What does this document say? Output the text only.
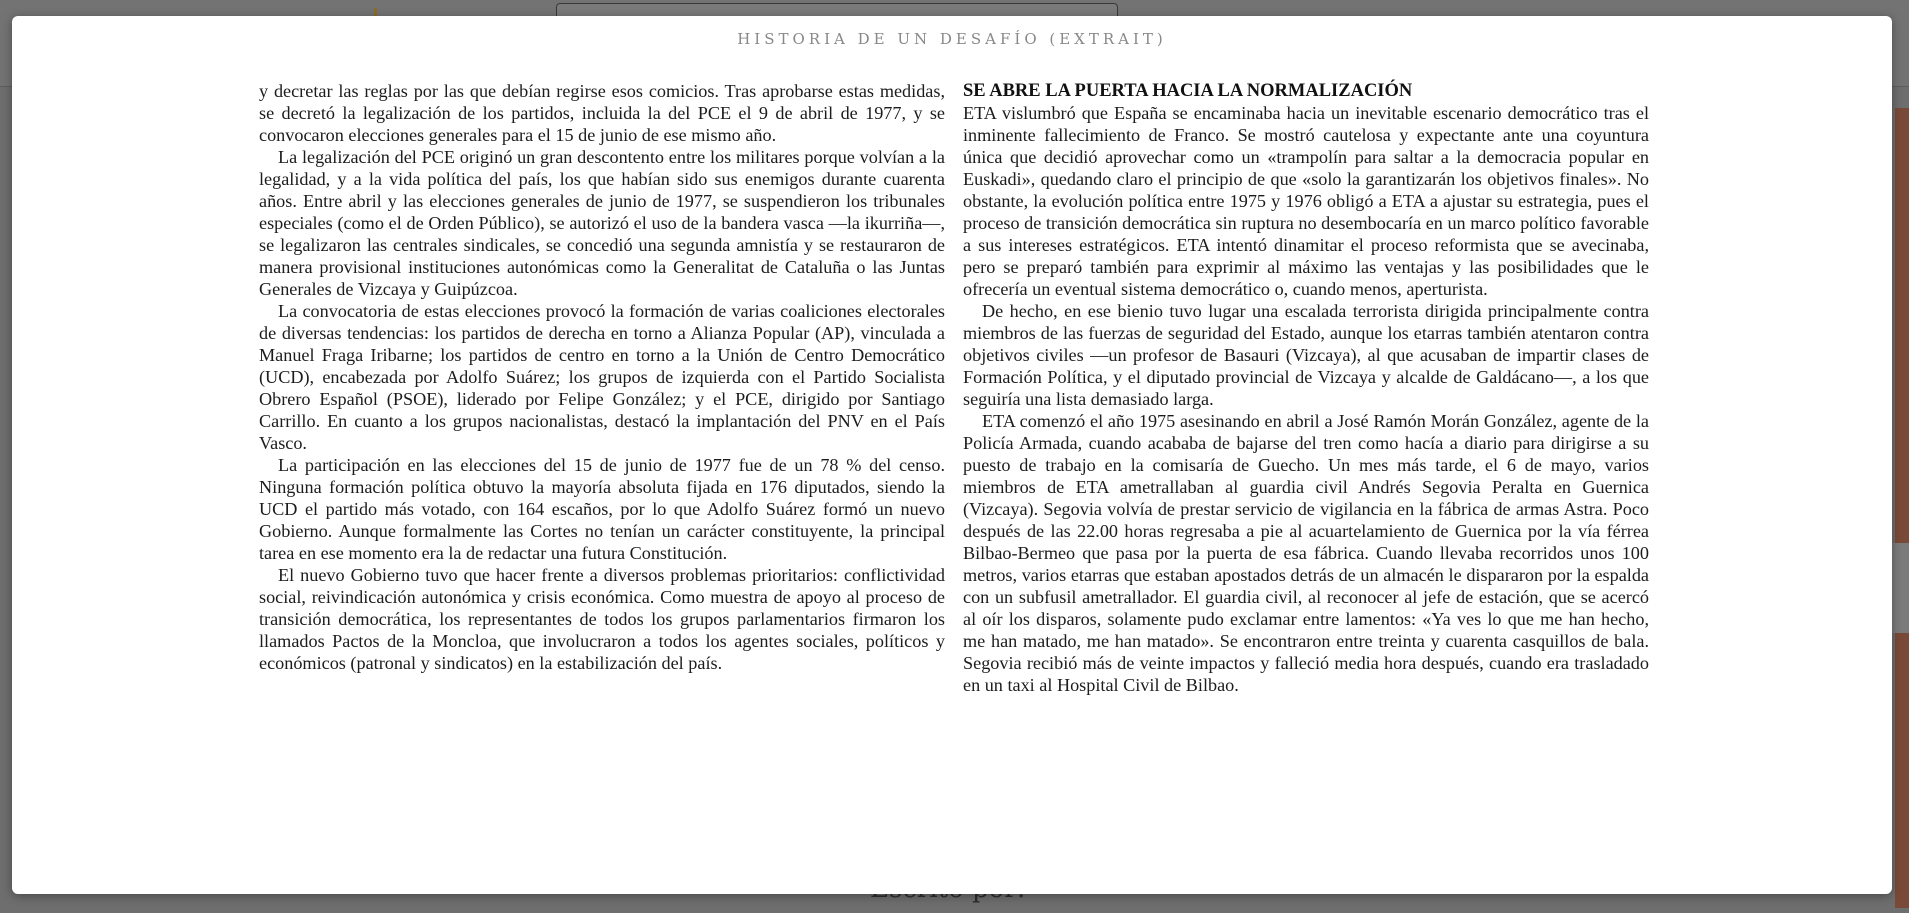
HISTORIA DE UN DESAFÍO (EXTRAIT)

y decretar las reglas por las que debían regirse esos comicios. Tras aprobarse estas medidas, se decretó la legalización de los partidos, incluida la del PCE el 9 de abril de 1977, y se convocaron elecciones generales para el 15 de junio de ese mismo año.

La legalización del PCE originó un gran descontento entre los militares porque volvían a la legalidad, y a la vida política del país, los que habían sido sus enemigos durante cuarenta años. Entre abril y las elecciones generales de junio de 1977, se suspendieron los tribunales especiales (como el de Orden Público), se autorizó el uso de la bandera vasca —la ikurriña—, se legalizaron las centrales sindicales, se concedió una segunda amnistía y se restauraron de manera provisional instituciones autonómicas como la Generalitat de Cataluña o las Juntas Generales de Vizcaya y Guipúzcoa.

La convocatoria de estas elecciones provocó la formación de varias coaliciones electorales de diversas tendencias: los partidos de derecha en torno a Alianza Popular (AP), vinculada a Manuel Fraga Iribarne; los partidos de centro en torno a la Unión de Centro Democrático (UCD), encabezada por Adolfo Suárez; los grupos de izquierda con el Partido Socialista Obrero Español (PSOE), liderado por Felipe González; y el PCE, dirigido por Santiago Carrillo. En cuanto a los grupos nacionalistas, destacó la implantación del PNV en el País Vasco.

La participación en las elecciones del 15 de junio de 1977 fue de un 78 % del censo. Ninguna formación política obtuvo la mayoría absoluta fijada en 176 diputados, siendo la UCD el partido más votado, con 164 escaños, por lo que Adolfo Suárez formó un nuevo Gobierno. Aunque formalmente las Cortes no tenían un carácter constituyente, la principal tarea en ese momento era la de redactar una futura Constitución.

El nuevo Gobierno tuvo que hacer frente a diversos problemas prioritarios: conflictividad social, reivindicación autonómica y crisis económica. Como muestra de apoyo al proceso de transición democrática, los representantes de todos los grupos parlamentarios firmaron los llamados Pactos de la Moncloa, que involucraron a todos los agentes sociales, políticos y económicos (patronal y sindicatos) en la estabilización del país.

SE ABRE LA PUERTA HACIA LA NORMALIZACIÓN

ETA vislumbró que España se encaminaba hacia un inevitable escenario democrático tras el inminente fallecimiento de Franco. Se mostró cautelosa y expectante ante una coyuntura única que decidió aprovechar como un «trampolín para saltar a la democracia popular en Euskadi», quedando claro el principio de que «solo la garantizarán los objetivos finales». No obstante, la evolución política entre 1975 y 1976 obligó a ETA a ajustar su estrategia, pues el proceso de transición democrática sin ruptura no desembocaría en un marco político favorable a sus intereses estratégicos. ETA intentó dinamitar el proceso reformista que se avecinaba, pero se preparó también para exprimir al máximo las ventajas y las posibilidades que le ofrecería un eventual sistema democrático o, cuando menos, aperturista.

De hecho, en ese bienio tuvo lugar una escalada terrorista dirigida principalmente contra miembros de las fuerzas de seguridad del Estado, aunque los etarras también atentaron contra objetivos civiles —un profesor de Basauri (Vizcaya), al que acusaban de impartir clases de Formación Política, y el diputado provincial de Vizcaya y alcalde de Galdácano—, a los que seguiría una lista demasiado larga.

ETA comenzó el año 1975 asesinando en abril a José Ramón Morán González, agente de la Policía Armada, cuando acababa de bajarse del tren como hacía a diario para dirigirse a su puesto de trabajo en la comisaría de Guecho. Un mes más tarde, el 6 de mayo, varios miembros de ETA ametrallaban al guardia civil Andrés Segovia Peralta en Guernica (Vizcaya). Segovia volvía de prestar servicio de vigilancia en la fábrica de armas Astra. Poco después de las 22.00 horas regresaba a pie al acuartelamiento de Guernica por la vía férrea Bilbao-Bermeo que pasa por la puerta de esa fábrica. Cuando llevaba recorridos unos 100 metros, varios etarras que estaban apostados detrás de un almacén le dispararon por la espalda con un subfusil ametrallador. El guardia civil, al reconocer al jefe de estación, que se acercó al oír los disparos, solamente pudo exclamar entre lamentos: «Ya ves lo que me han hecho, me han matado, me han matado». Se encontraron entre treinta y cuarenta casquillos de bala. Segovia recibió más de veinte impactos y falleció media hora después, cuando era trasladado en un taxi al Hospital Civil de Bilbao.
